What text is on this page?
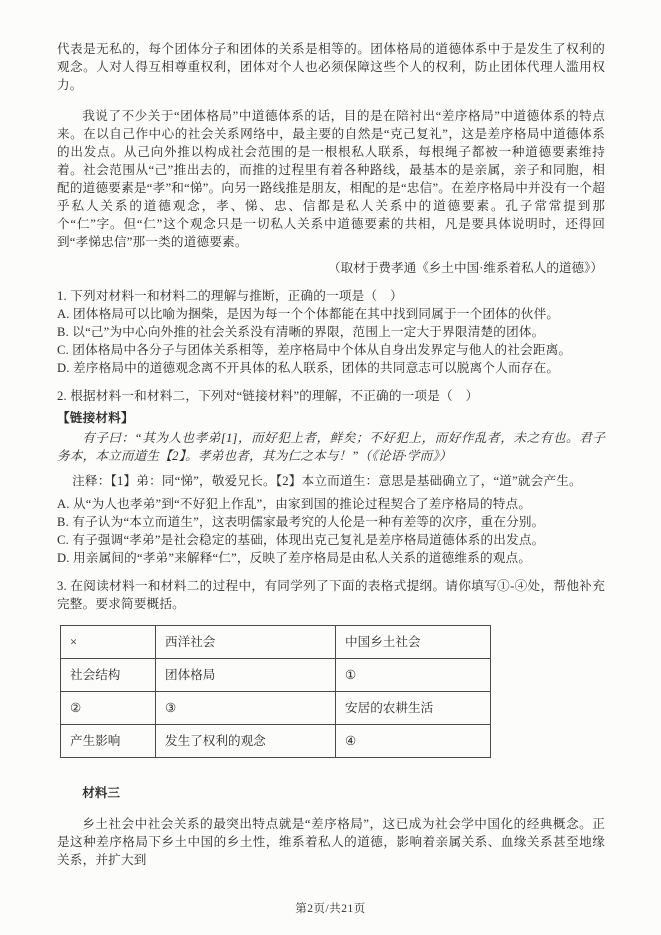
代表是无私的，每个团体分子和团体的关系是相等的。团体格局的道德体系中于是发生了权利的观念。人对人得互相尊重权利，团体对个人也必须保障这些个人的权利，防止团体代理人滥用权力。

我说了不少关于“团体格局”中道德体系的话，目的是在陪衬出“差序格局”中道德体系的特点来。在以自己作中心的社会关系网络中，最主要的自然是“克己复礼”，这是差序格局中道德体系的出发点。从己向外推以构成社会范围的是一根根私人联系，每根绳子都被一种道德要素维持着。社会范围从“己”推出去的，而推的过程里有着各种路线，最基本的是亲属，亲子和同胞，相配的道德要素是“孝”和“悌”。向另一路线推是朋友，相配的是“忠信”。在差序格局中并没有一个超乎私人关系的道德观念，孝、悌、忠、信都是私人关系中的道德要素。孔子常常提到那个“仁”字。但“仁”这个观念只是一切私人关系中道德要素的共相，凡是要具体说明时，还得回到“孝悌忠信”那一类的道德要素。

（取材于费孝通《乡土中国·维系着私人的道德》）

1. 下列对材料一和材料二的理解与推断，正确的一项是（　）

A. 团体格局可以比喻为捆柴，是因为每一个个体都能在其中找到同属于一个团体的伙伴。

B. 以“己”为中心向外推的社会关系没有清晰的界限，范围上一定大于界限清楚的团体。

C. 团体格局中各分子与团体关系相等，差序格局中个体从自身出发界定与他人的社会距离。

D. 差序格局中的道德观念离不开具体的私人联系，团体的共同意志可以脱离个人而存在。

2. 根据材料一和材料二，下列对“链接材料”的理解，不正确的一项是（　）

【链接材料】

有子曰：“其为人也孝弟[1]，而好犯上者，鲜矣；不好犯上，而好作乱者，未之有也。君子务本，本立而道生【2】。孝弟也者，其为仁之本与！”（《论语·学而》）

注释：【1】弟：同“悌”，敬爱兄长。【2】本立而道生：意思是基础确立了，“道”就会产生。

A. 从“为人也孝弟”到“不好犯上作乱”，由家到国的推论过程契合了差序格局的特点。

B. 有子认为“本立而道生”，这表明儒家最考究的人伦是一种有差等的次序，重在分别。

C. 有子强调“孝弟”是社会稳定的基础，体现出克己复礼是差序格局道德体系的出发点。

D. 用亲属间的“孝弟”来解释“仁”，反映了差序格局是由私人关系的道德维系的观点。

3. 在阅读材料一和材料二的过程中，有同学列了下面的表格式提纲。请你填写①-④处，帮他补充完整。要求简要概括。

×	西洋社会	中国乡土社会
社会结构	团体格局	①
②	③	安居的农耕生活
产生影响	发生了权利的观念	④

材料三

乡土社会中社会关系的最突出特点就是“差序格局”，这已成为社会学中国化的经典概念。正是这种差序格局下乡土中国的乡土性，维系着私人的道德，影响着亲属关系、血缘关系甚至地缘关系，并扩大到

第2页/共21页
